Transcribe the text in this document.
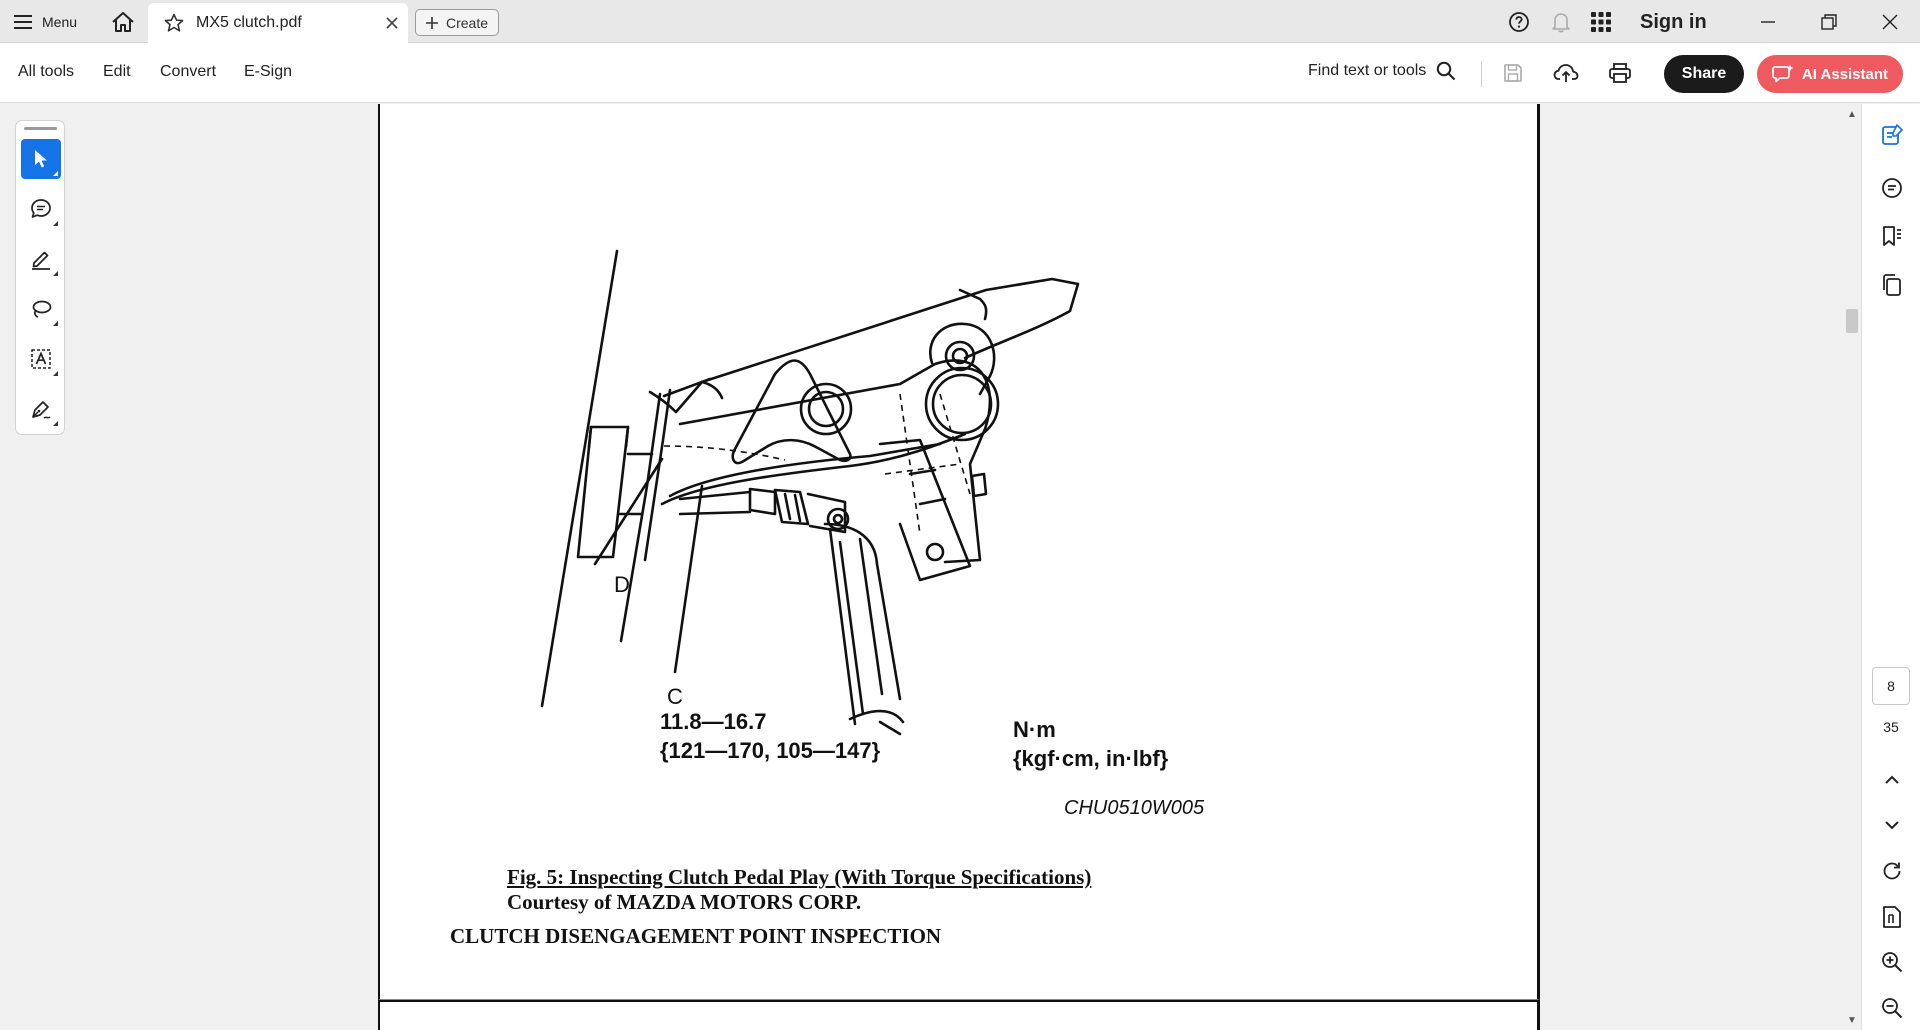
Menu	MX5 clutch.pdf	Create	Sign in
All tools Edit Convert E-Sign	Find text or tools	Share	AI Assistant
D
C
11.8—16.7
{121—170, 105—147}
N·m
{kgf·cm, in·lbf}
CHU0510W005
Fig. 5: Inspecting Clutch Pedal Play (With Torque Specifications)
Courtesy of MAZDA MOTORS CORP.
CLUTCH DISENGAGEMENT POINT INSPECTION
▲
▼
8
35
